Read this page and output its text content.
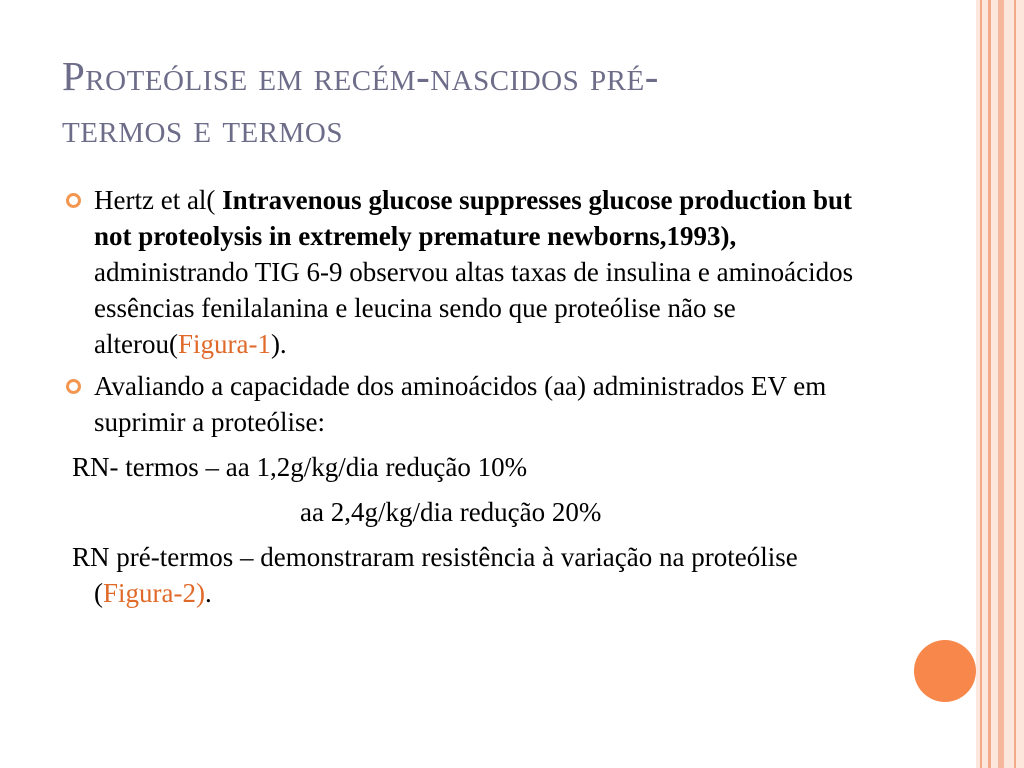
Proteólise em recém-nascidos pré-
termos e termos
Hertz et al( Intravenous glucose suppresses glucose production but not proteolysis in extremely premature newborns,1993), administrando TIG 6-9 observou altas taxas de insulina e aminoácidos essências fenilalanina e leucina sendo que proteólise não se alterou(Figura-1).
Avaliando a capacidade dos aminoácidos (aa) administrados EV em suprimir a proteólise:
RN- termos – aa 1,2g/kg/dia redução 10%
aa 2,4g/kg/dia redução 20%
RN pré-termos – demonstraram resistência à variação na proteólise (Figura-2).
